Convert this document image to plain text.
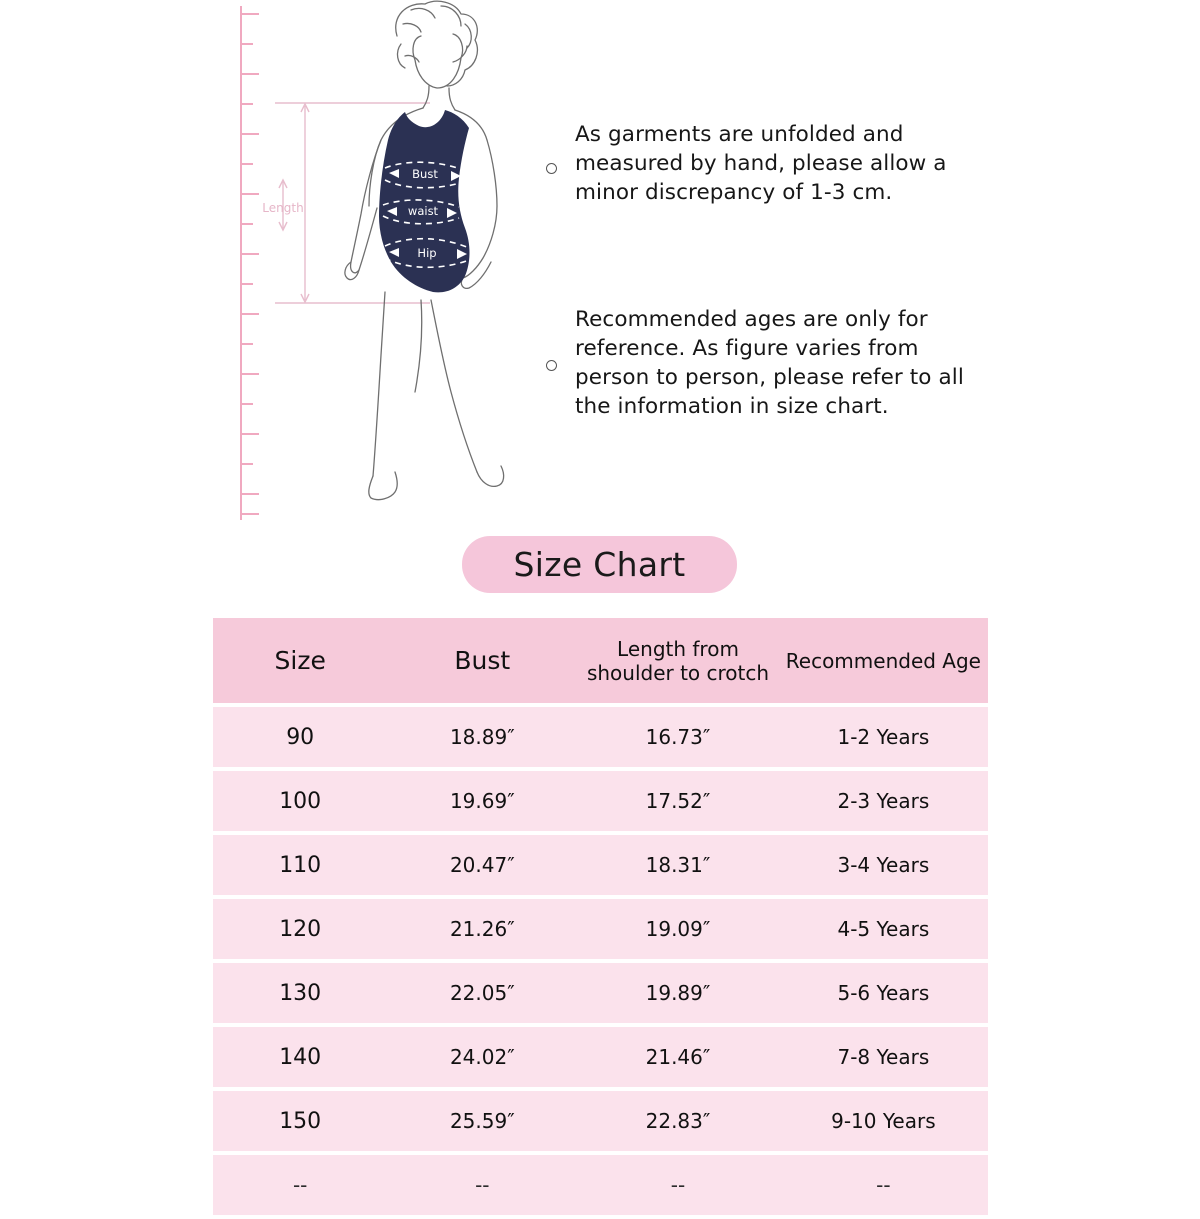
Length
Bust
waist
Hip
As garments are unfolded and measured by hand, please allow a minor discrepancy of 1-3 cm.
Recommended ages are only for reference. As figure varies from person to person, please refer to all the information in size chart.
Size Chart
Size	Bust	Length from shoulder to crotch	Recommended Age
90	18.89″	16.73″	1-2 Years
100	19.69″	17.52″	2-3 Years
110	20.47″	18.31″	3-4 Years
120	21.26″	19.09″	4-5 Years
130	22.05″	19.89″	5-6 Years
140	24.02″	21.46″	7-8 Years
150	25.59″	22.83″	9-10 Years
--	--	--	--
